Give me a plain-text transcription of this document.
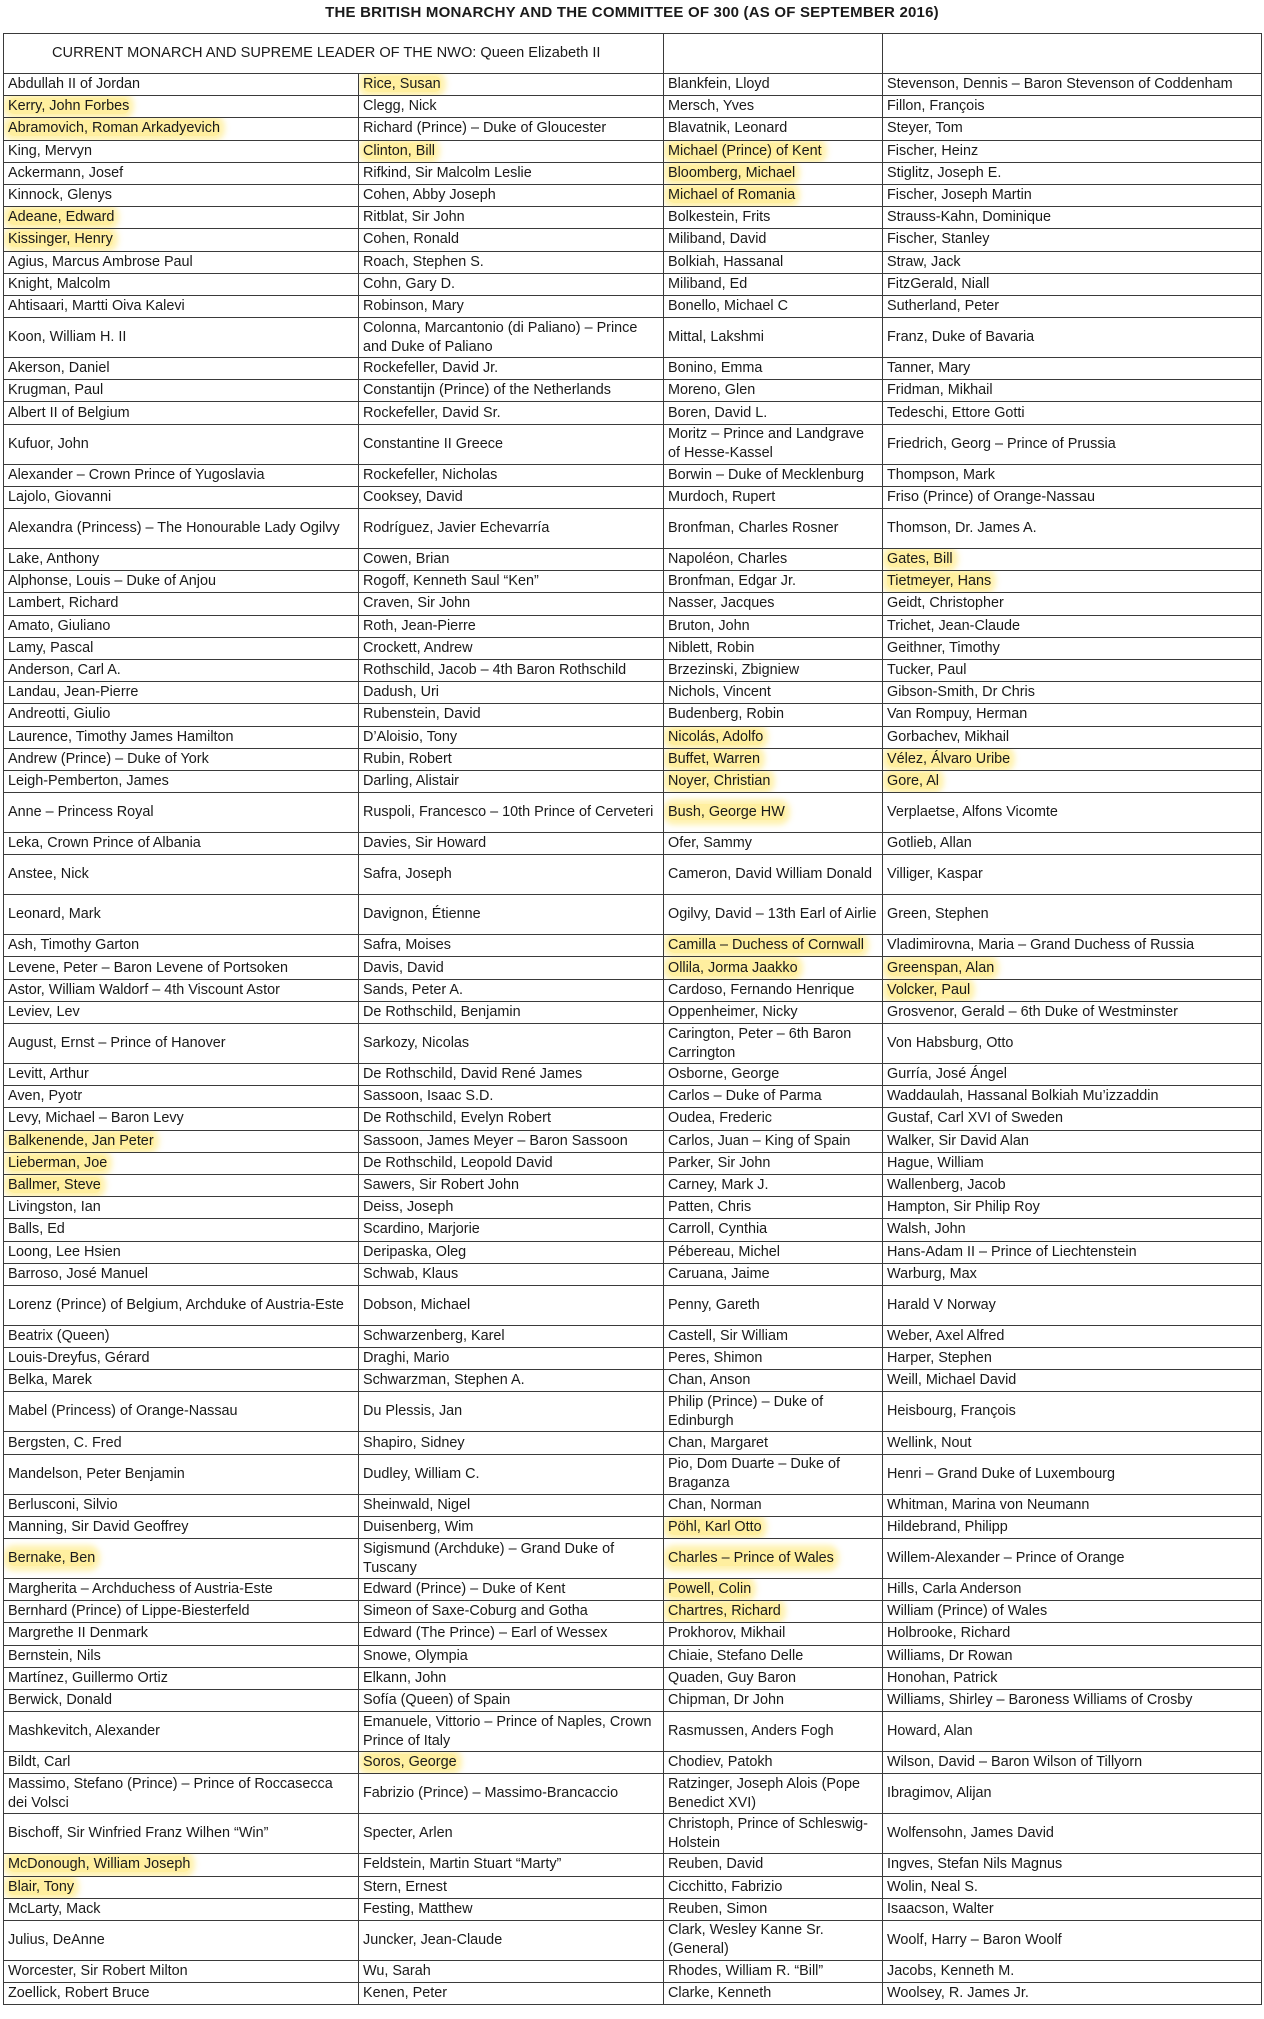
THE BRITISH MONARCHY AND THE COMMITTEE OF 300 (AS OF SEPTEMBER 2016)
CURRENT MONARCH AND SUPREME LEADER OF THE NWO: Queen Elizabeth II			
Abdullah II of Jordan	Rice, Susan	Blankfein, Lloyd	Stevenson, Dennis – Baron Stevenson of Coddenham
Kerry, John Forbes	Clegg, Nick	Mersch, Yves	Fillon, François
Abramovich, Roman Arkadyevich	Richard (Prince) – Duke of Gloucester	Blavatnik, Leonard	Steyer, Tom
King, Mervyn	Clinton, Bill	Michael (Prince) of Kent	Fischer, Heinz
Ackermann, Josef	Rifkind, Sir Malcolm Leslie	Bloomberg, Michael	Stiglitz, Joseph E.
Kinnock, Glenys	Cohen, Abby Joseph	Michael of Romania	Fischer, Joseph Martin
Adeane, Edward	Ritblat, Sir John	Bolkestein, Frits	Strauss-Kahn, Dominique
Kissinger, Henry	Cohen, Ronald	Miliband, David	Fischer, Stanley
Agius, Marcus Ambrose Paul	Roach, Stephen S.	Bolkiah, Hassanal	Straw, Jack
Knight, Malcolm	Cohn, Gary D.	Miliband, Ed	FitzGerald, Niall
Ahtisaari, Martti Oiva Kalevi	Robinson, Mary	Bonello, Michael C	Sutherland, Peter
Koon, William H. II	Colonna, Marcantonio (di Paliano) – Prince and Duke of Paliano	Mittal, Lakshmi	Franz, Duke of Bavaria
Akerson, Daniel	Rockefeller, David Jr.	Bonino, Emma	Tanner, Mary
Krugman, Paul	Constantijn (Prince) of the Netherlands	Moreno, Glen	Fridman, Mikhail
Albert II of Belgium	Rockefeller, David Sr.	Boren, David L.	Tedeschi, Ettore Gotti
Kufuor, John	Constantine II Greece	Moritz – Prince and Landgrave of Hesse-Kassel	Friedrich, Georg – Prince of Prussia
Alexander – Crown Prince of Yugoslavia	Rockefeller, Nicholas	Borwin – Duke of Mecklenburg	Thompson, Mark
Lajolo, Giovanni	Cooksey, David	Murdoch, Rupert	Friso (Prince) of Orange-Nassau
Alexandra (Princess) – The Honourable Lady Ogilvy	Rodríguez, Javier Echevarría	Bronfman, Charles Rosner	Thomson, Dr. James A.
Lake, Anthony	Cowen, Brian	Napoléon, Charles	Gates, Bill
Alphonse, Louis – Duke of Anjou	Rogoff, Kenneth Saul “Ken”	Bronfman, Edgar Jr.	Tietmeyer, Hans
Lambert, Richard	Craven, Sir John	Nasser, Jacques	Geidt, Christopher
Amato, Giuliano	Roth, Jean-Pierre	Bruton, John	Trichet, Jean-Claude
Lamy, Pascal	Crockett, Andrew	Niblett, Robin	Geithner, Timothy
Anderson, Carl A.	Rothschild, Jacob – 4th Baron Rothschild	Brzezinski, Zbigniew	Tucker, Paul
Landau, Jean-Pierre	Dadush, Uri	Nichols, Vincent	Gibson-Smith, Dr Chris
Andreotti, Giulio	Rubenstein, David	Budenberg, Robin	Van Rompuy, Herman
Laurence, Timothy James Hamilton	D’Aloisio, Tony	Nicolás, Adolfo	Gorbachev, Mikhail
Andrew (Prince) – Duke of York	Rubin, Robert	Buffet, Warren	Vélez, Álvaro Uribe
Leigh-Pemberton, James	Darling, Alistair	Noyer, Christian	Gore, Al
Anne – Princess Royal	Ruspoli, Francesco – 10th Prince of Cerveteri	Bush, George HW	Verplaetse, Alfons Vicomte
Leka, Crown Prince of Albania	Davies, Sir Howard	Ofer, Sammy	Gotlieb, Allan
Anstee, Nick	Safra, Joseph	Cameron, David William Donald	Villiger, Kaspar
Leonard, Mark	Davignon, Étienne	Ogilvy, David – 13th Earl of Airlie	Green, Stephen
Ash, Timothy Garton	Safra, Moises	Camilla – Duchess of Cornwall	Vladimirovna, Maria – Grand Duchess of Russia
Levene, Peter – Baron Levene of Portsoken	Davis, David	Ollila, Jorma Jaakko	Greenspan, Alan
Astor, William Waldorf – 4th Viscount Astor	Sands, Peter A.	Cardoso, Fernando Henrique	Volcker, Paul
Leviev, Lev	De Rothschild, Benjamin	Oppenheimer, Nicky	Grosvenor, Gerald – 6th Duke of Westminster
August, Ernst – Prince of Hanover	Sarkozy, Nicolas	Carington, Peter – 6th Baron Carrington	Von Habsburg, Otto
Levitt, Arthur	De Rothschild, David René James	Osborne, George	Gurría, José Ángel
Aven, Pyotr	Sassoon, Isaac S.D.	Carlos – Duke of Parma	Waddaulah, Hassanal Bolkiah Mu’izzaddin
Levy, Michael – Baron Levy	De Rothschild, Evelyn Robert	Oudea, Frederic	Gustaf, Carl XVI of Sweden
Balkenende, Jan Peter	Sassoon, James Meyer – Baron Sassoon	Carlos, Juan – King of Spain	Walker, Sir David Alan
Lieberman, Joe	De Rothschild, Leopold David	Parker, Sir John	Hague, William
Ballmer, Steve	Sawers, Sir Robert John	Carney, Mark J.	Wallenberg, Jacob
Livingston, Ian	Deiss, Joseph	Patten, Chris	Hampton, Sir Philip Roy
Balls, Ed	Scardino, Marjorie	Carroll, Cynthia	Walsh, John
Loong, Lee Hsien	Deripaska, Oleg	Pébereau, Michel	Hans-Adam II – Prince of Liechtenstein
Barroso, José Manuel	Schwab, Klaus	Caruana, Jaime	Warburg, Max
Lorenz (Prince) of Belgium, Archduke of Austria-Este	Dobson, Michael	Penny, Gareth	Harald V Norway
Beatrix (Queen)	Schwarzenberg, Karel	Castell, Sir William	Weber, Axel Alfred
Louis-Dreyfus, Gérard	Draghi, Mario	Peres, Shimon	Harper, Stephen
Belka, Marek	Schwarzman, Stephen A.	Chan, Anson	Weill, Michael David
Mabel (Princess) of Orange-Nassau	Du Plessis, Jan	Philip (Prince) – Duke of Edinburgh	Heisbourg, François
Bergsten, C. Fred	Shapiro, Sidney	Chan, Margaret	Wellink, Nout
Mandelson, Peter Benjamin	Dudley, William C.	Pio, Dom Duarte – Duke of Braganza	Henri – Grand Duke of Luxembourg
Berlusconi, Silvio	Sheinwald, Nigel	Chan, Norman	Whitman, Marina von Neumann
Manning, Sir David Geoffrey	Duisenberg, Wim	Pöhl, Karl Otto	Hildebrand, Philipp
Bernake, Ben	Sigismund (Archduke) – Grand Duke of Tuscany	Charles – Prince of Wales	Willem-Alexander – Prince of Orange
Margherita – Archduchess of Austria-Este	Edward (Prince) – Duke of Kent	Powell, Colin	Hills, Carla Anderson
Bernhard (Prince) of Lippe-Biesterfeld	Simeon of Saxe-Coburg and Gotha	Chartres, Richard	William (Prince) of Wales
Margrethe II Denmark	Edward (The Prince) – Earl of Wessex	Prokhorov, Mikhail	Holbrooke, Richard
Bernstein, Nils	Snowe, Olympia	Chiaie, Stefano Delle	Williams, Dr Rowan
Martínez, Guillermo Ortiz	Elkann, John	Quaden, Guy Baron	Honohan, Patrick
Berwick, Donald	Sofía (Queen) of Spain	Chipman, Dr John	Williams, Shirley – Baroness Williams of Crosby
Mashkevitch, Alexander	Emanuele, Vittorio – Prince of Naples, Crown Prince of Italy	Rasmussen, Anders Fogh	Howard, Alan
Bildt, Carl	Soros, George	Chodiev, Patokh	Wilson, David – Baron Wilson of Tillyorn
Massimo, Stefano (Prince) – Prince of Roccasecca dei Volsci	Fabrizio (Prince) – Massimo-Brancaccio	Ratzinger, Joseph Alois (Pope Benedict XVI)	Ibragimov, Alijan
Bischoff, Sir Winfried Franz Wilhen “Win”	Specter, Arlen	Christoph, Prince of Schleswig-Holstein	Wolfensohn, James David
McDonough, William Joseph	Feldstein, Martin Stuart “Marty”	Reuben, David	Ingves, Stefan Nils Magnus
Blair, Tony	Stern, Ernest	Cicchitto, Fabrizio	Wolin, Neal S.
McLarty, Mack	Festing, Matthew	Reuben, Simon	Isaacson, Walter
Julius, DeAnne	Juncker, Jean-Claude	Clark, Wesley Kanne Sr. (General)	Woolf, Harry – Baron Woolf
Worcester, Sir Robert Milton	Wu, Sarah	Rhodes, William R. “Bill”	Jacobs, Kenneth M.
Zoellick, Robert Bruce	Kenen, Peter	Clarke, Kenneth	Woolsey, R. James Jr.
